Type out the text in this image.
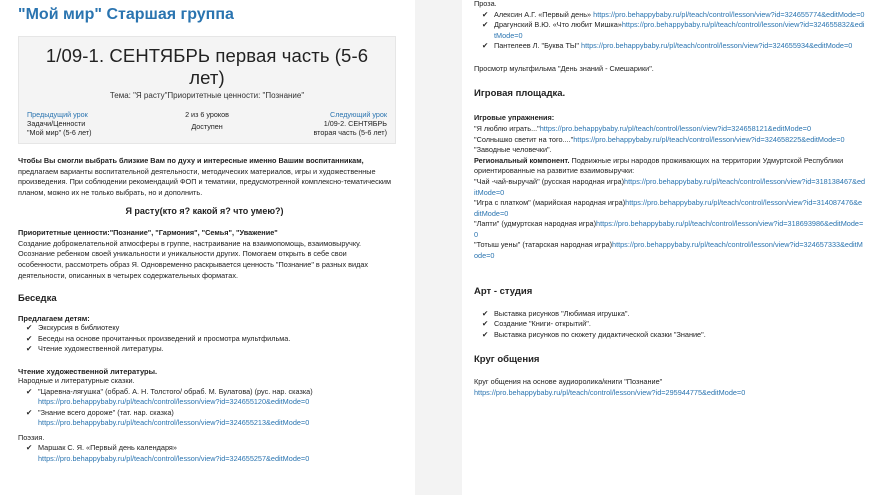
"Мой мир" Старшая группа
1/09-1. СЕНТЯБРЬ первая часть (5-6 лет)
Тема: "Я расту"Приоритетные ценности: "Познание"
Предыдущий урок
Задачи/Ценности
"Мой мир" (5-6 лет)
2 из 6 уроков
Доступен
Следующий урок
1/09-2. СЕНТЯБРЬ
вторая часть (5-6 лет)

Чтобы Вы смогли выбрать близкие Вам по духу и интересные именно Вашим воспитанникам, предлагаем варианты воспитательной деятельности, методических материалов, игры и художественные произведения. При соблюдении рекомендаций ФОП и тематики, предусмотренной комплексно-тематическим планом, можно их не только выбрать, но и дополнить.

Я расту(кто я? какой я? что умею?)

Приоритетные ценности:"Познание", "Гармония", "Семья", "Уважение"
Создание доброжелательной атмосферы в группе, настраивание на взаимопомощь, взаимовыручку. Осознание ребенком своей уникальности и уникальности других. Помогаем открыть в себе свои особенности, рассмотреть образ Я. Одновременно раскрывается ценность "Познание" в разных видах деятельности, описанных в четырех содержательных форматах.

Беседка
Предлагаем детям:
✔ Экскурсия в библиотеку
✔ Беседы на основе прочитанных произведений и просмотра мультфильма.
✔ Чтение художественной литературы.
Чтение художественной литературы.
Народные и литературные сказки.
✔ "Царевна-лягушка" (обраб. А. Н. Толстого/ обраб. М. Булатова) (рус. нар. сказка)
https://pro.behappybaby.ru/pl/teach/control/lesson/view?id=324655120&editMode=0
✔ "Знание всего дороже" (тат. нар. сказка)
https://pro.behappybaby.ru/pl/teach/control/lesson/view?id=324655213&editMode=0
Поэзия.
✔ Маршак С. Я. «Первый день календаря»
https://pro.behappybaby.ru/pl/teach/control/lesson/view?id=324655257&editMode=0
Проза.
✔ Алексин А.Г. «Первый день» https://pro.behappybaby.ru/pl/teach/control/lesson/view?id=324655774&editMode=0
✔ Драгунский В.Ю. «Что любит Мишка»https://pro.behappybaby.ru/pl/teach/control/lesson/view?id=324655832&editMode=0
✔ Пантелеев Л. "Буква ТЫ" https://pro.behappybaby.ru/pl/teach/control/lesson/view?id=324655934&editMode=0
Просмотр мультфильма "День знаний - Смешарики".
Игровая площадка.
Игровые упражнения:
"Я люблю играть..."https://pro.behappybaby.ru/pl/teach/control/lesson/view?id=324658121&editMode=0
"Солнышко светит на того...."https://pro.behappybaby.ru/pl/teach/control/lesson/view?id=324658225&editMode=0
"Заводные человечки".
Региональный компонент. Подвижные игры народов проживающих на территории Удмуртской Республики ориентированные на развитие взаимовыручки:
"Чай -чай-выручай" (русская народная игра)https://pro.behappybaby.ru/pl/teach/control/lesson/view?id=318138467&editMode=0
"Игра с платком" (марийская народная игра)https://pro.behappybaby.ru/pl/teach/control/lesson/view?id=314087476&editMode=0
"Лапти" (удмуртская народная игра)https://pro.behappybaby.ru/pl/teach/control/lesson/view?id=318693986&editMode=0
"Тотыш уены" (татарская народная игра)https://pro.behappybaby.ru/pl/teach/control/lesson/view?id=324657333&editMode=0
Арт - студия
✔ Выставка рисунков "Любимая игрушка".
✔ Создание "Книги- открытий".
✔ Выставка рисунков по сюжету дидактической сказки "Знание".
Круг общения
Круг общения на основе аудиоролика/книги "Познание"
https://pro.behappybaby.ru/pl/teach/control/lesson/view?id=295944775&editMode=0
